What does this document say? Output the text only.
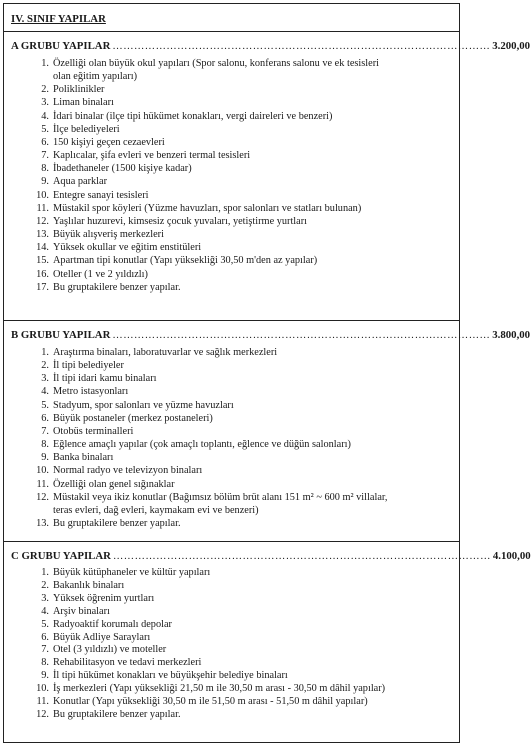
IV. SINIF YAPILAR
A GRUBU YAPILAR …………………………………………………………………………………………… 3.200,00
1. Özelliği olan büyük okul yapıları (Spor salonu, konferans salonu ve ek tesisleri olan eğitim yapıları)
2. Poliklinikler
3. Liman binaları
4. İdari binalar (ilçe tipi hükümet konakları, vergi daireleri ve benzeri)
5. İlçe belediyeleri
6. 150 kişiyi geçen cezaevleri
7. Kaplıcalar, şifa evleri ve benzeri termal tesisleri
8. İbadethaneler (1500 kişiye kadar)
9. Aqua parklar
10. Entegre sanayi tesisleri
11. Müstakil spor köyleri (Yüzme havuzları, spor salonları ve statları bulunan)
12. Yaşlılar huzurevi, kimsesiz çocuk yuvaları, yetiştirme yurtları
13. Büyük alışveriş merkezleri
14. Yüksek okullar ve eğitim enstitüleri
15. Apartman tipi konutlar (Yapı yüksekliği 30,50 m'den az yapılar)
16. Oteller (1 ve 2 yıldızlı)
17. Bu gruptakilere benzer yapılar.
B GRUBU YAPILAR …………………………………………………………………………………………… 3.800,00
1. Araştırma binaları, laboratuvarlar ve sağlık merkezleri
2. İl tipi belediyeler
3. İl tipi idari kamu binaları
4. Metro istasyonları
5. Stadyum, spor salonları ve yüzme havuzları
6. Büyük postaneler (merkez postaneleri)
7. Otobüs terminalleri
8. Eğlence amaçlı yapılar (çok amaçlı toplantı, eğlence ve düğün salonları)
9. Banka binaları
10. Normal radyo ve televizyon binaları
11. Özelliği olan genel sığınaklar
12. Müstakil veya ikiz konutlar (Bağımsız bölüm brüt alanı 151 m² ~ 600 m² villalar, teras evleri, dağ evleri, kaymakam evi ve benzeri)
13. Bu gruptakilere benzer yapılar.
C GRUBU YAPILAR …………………………………………………………………………………………… 4.100,00
1. Büyük kütüphaneler ve kültür yapıları
2. Bakanlık binaları
3. Yüksek öğrenim yurtları
4. Arşiv binaları
5. Radyoaktif korumalı depolar
6. Büyük Adliye Sarayları
7. Otel (3 yıldızlı) ve moteller
8. Rehabilitasyon ve tedavi merkezleri
9. İl tipi hükümet konakları ve büyükşehir belediye binaları
10. İş merkezleri (Yapı yüksekliği 21,50 m ile 30,50 m arası - 30,50 m dâhil yapılar)
11. Konutlar (Yapı yüksekliği 30,50 m ile 51,50 m arası - 51,50 m dâhil yapılar)
12. Bu gruptakilere benzer yapılar.
